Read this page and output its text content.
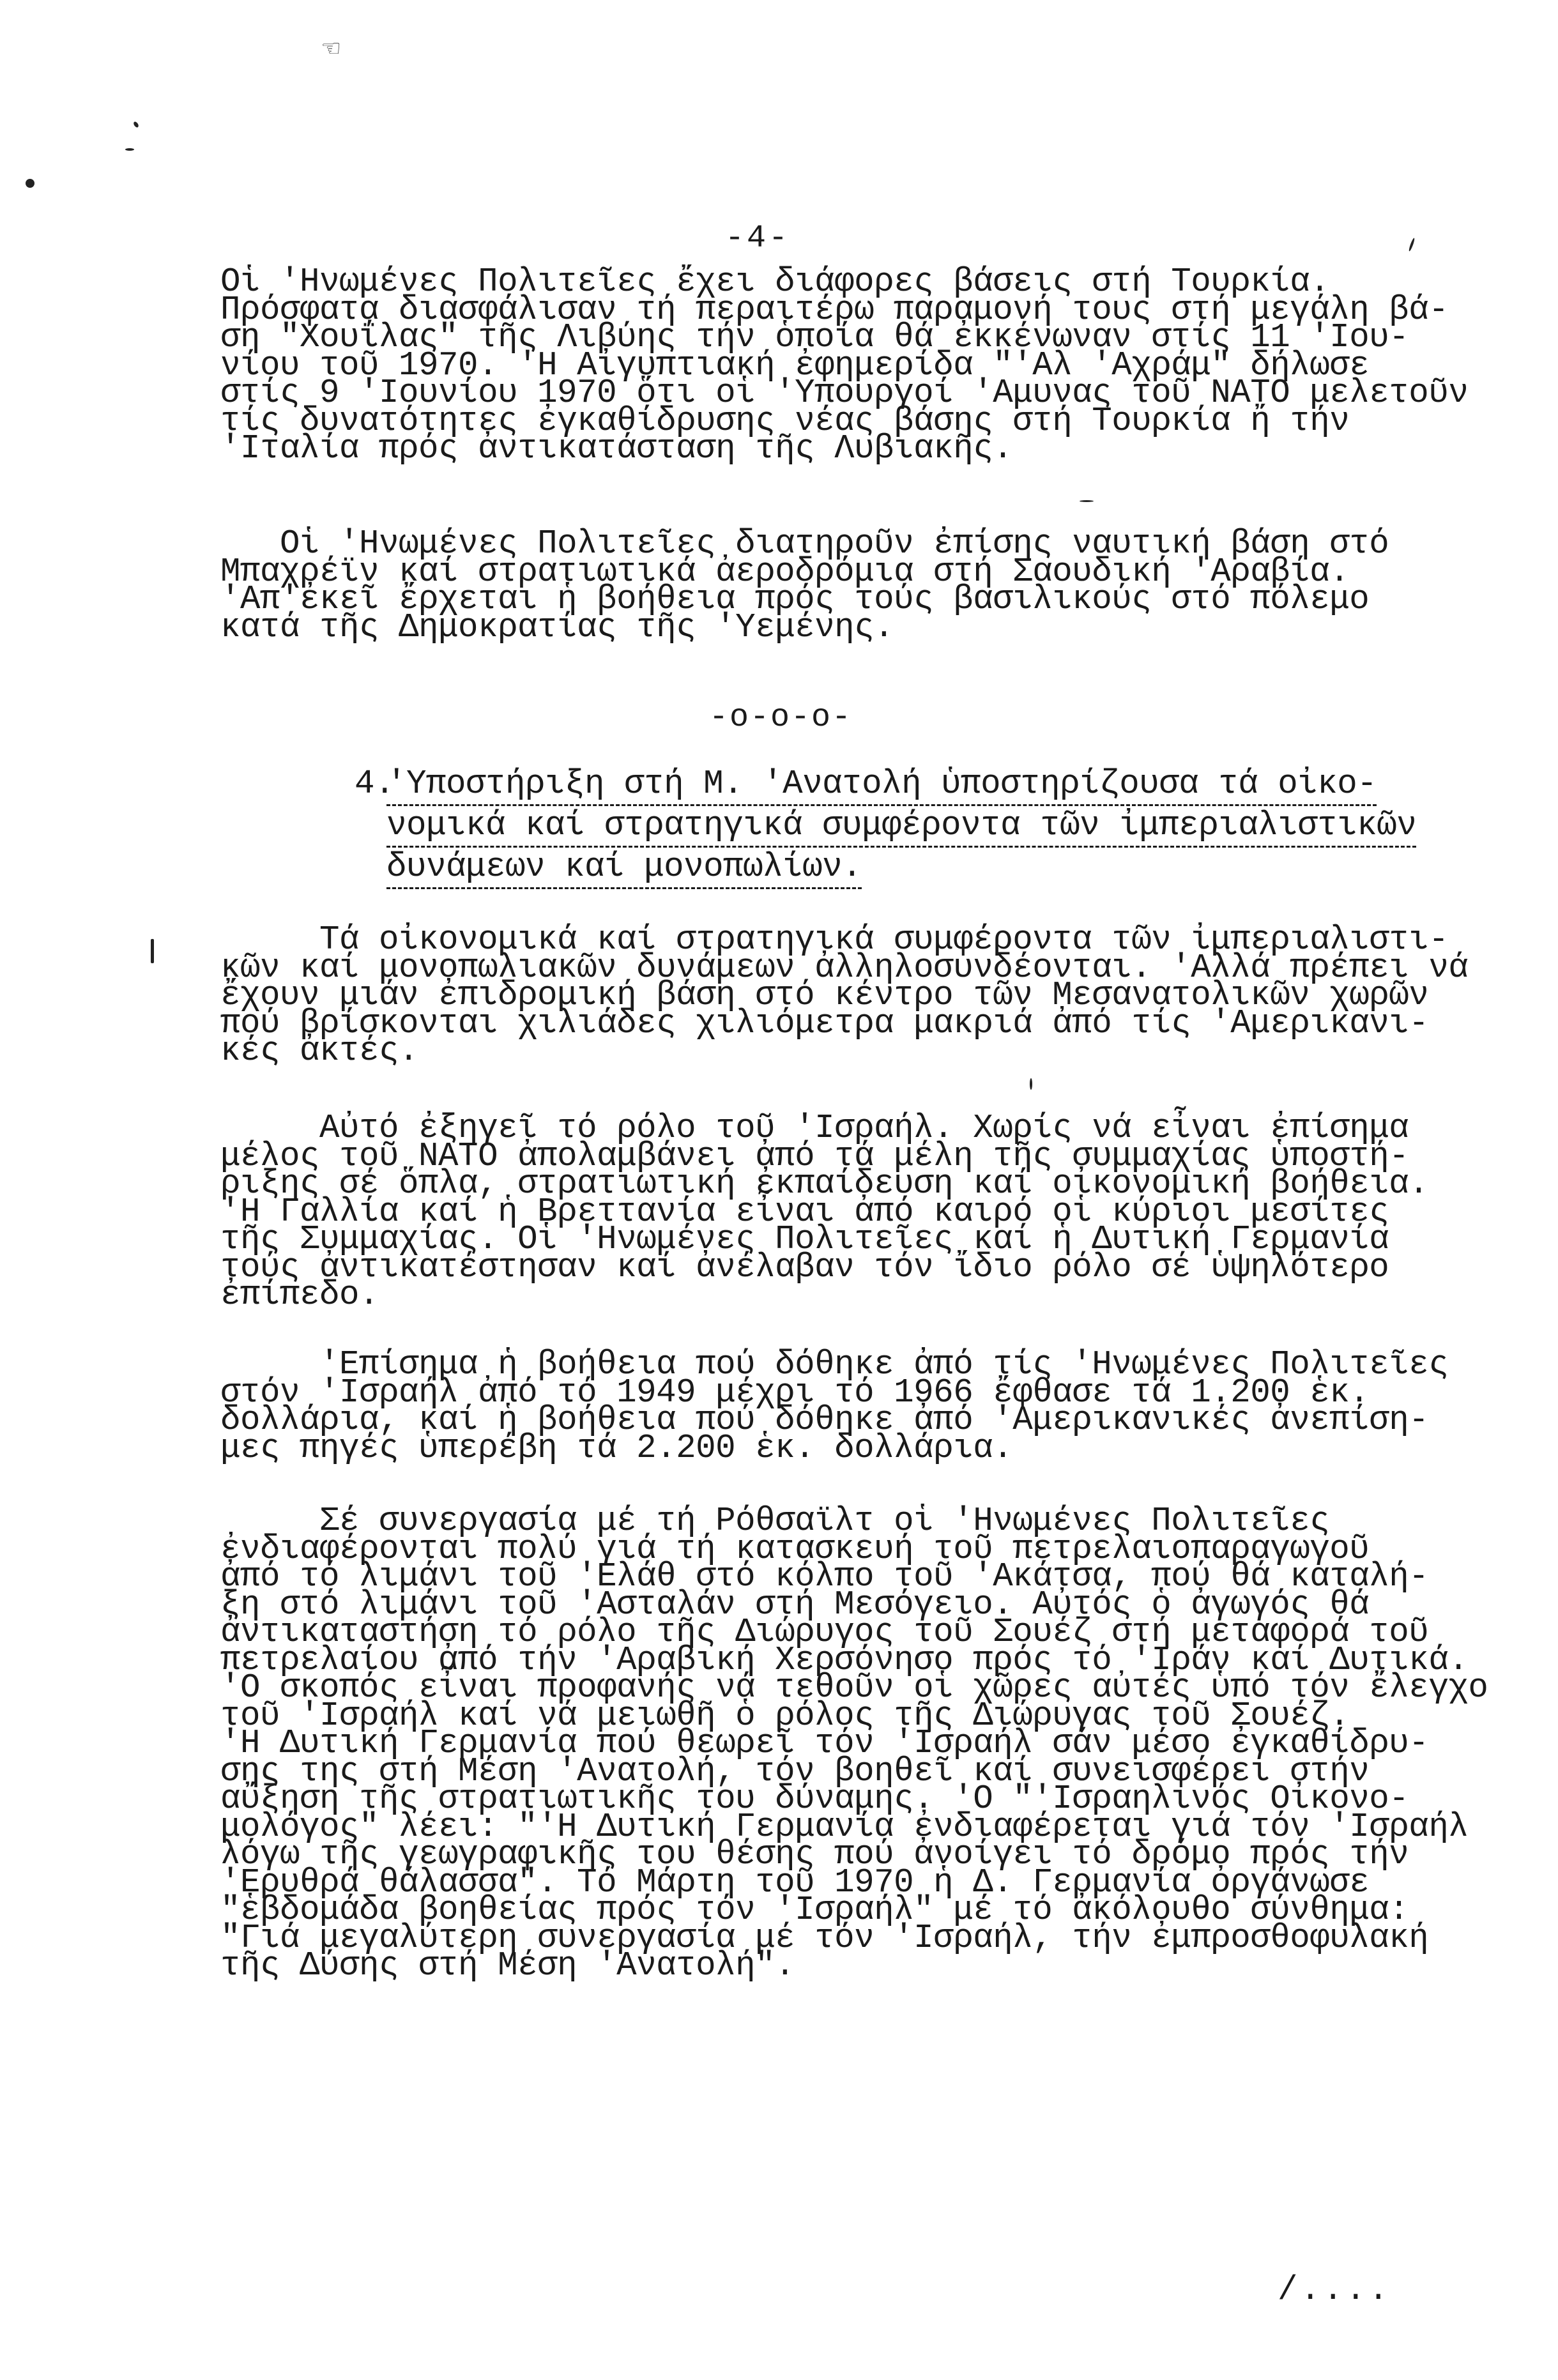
☜
-4-
Οἱ 'Ηνωμένες Πολιτεῖες ἔχει διάφορες βάσεις στή Τουρκία.
Πρόσφατα διασφάλισαν τή περαιτέρω παραμονή τους στή μεγάλη βά-
ση "Χουΐλας" τῆς Λιβύης τήν ὁποία θά ἐκκένωναν στίς 11 'Ιου-
νίου τοῦ 1970. 'Η Αἰγυπτιακή ἐφημερίδα "'Αλ 'Αχράμ" δήλωσε
στίς 9 'Ιουνίου 1970 ὅτι οἱ 'Υπουργοί 'Αμυνας τοῦ ΝΑΤΟ μελετοῦν
τίς δυνατότητες ἐγκαθίδρυσης νέας βάσης στή Τουρκία ἤ τήν
'Ιταλία πρός ἀντικατάσταση τῆς Λυβιακῆς.
Οἱ 'Ηνωμένες Πολιτεῖες διατηροῦν ἐπίσης ναυτική βάση στό
Μπαχρέϊν καί στρατιωτικά ἀεροδρόμια στή Σαουδική 'Αραβία.
'Απ'ἐκεῖ ἔρχεται ἡ βοήθεια πρός τούς βασιλικούς στό πόλεμο
κατά τῆς Δημοκρατίας τῆς 'Υεμένης.
-o-o-o-
4.
'Υποστήριξη στή Μ. 'Ανατολή ὑποστηρίζουσα τά οἰκο-
νομικά καί στρατηγικά συμφέροντα τῶν ἰμπεριαλιστικῶν
δυνάμεων καί μονοπωλίων.
Τά οἰκονομικά καί στρατηγικά συμφέροντα τῶν ἰμπεριαλιστι-
κῶν καί μονοπωλιακῶν δυνάμεων ἀλληλοσυνδέονται. 'Αλλά πρέπει νά
ἔχουν μιάν ἐπιδρομική βάση στό κέντρο τῶν Μεσανατολικῶν χωρῶν
πού βρίσκονται χιλιάδες χιλιόμετρα μακριά ἀπό τίς 'Αμερικανι-
κές ἀκτές.
Αὐτό ἐξηγεῖ τό ρόλο τοῦ 'Ισραήλ. Χωρίς νά εἶναι ἐπίσημα
μέλος τοῦ ΝΑΤΟ ἀπολαμβάνει ἀπό τά μέλη τῆς συμμαχίας ὑποστή-
ριξης σέ ὅπλα, στρατιωτική ἐκπαίδευση καί οἰκονομική βοήθεια.
'Η Γαλλία καί ἡ Βρεττανία εἶναι ἀπό καιρό οἱ κύριοι μεσίτες
τῆς Συμμαχίας. Οἱ 'Ηνωμένες Πολιτεῖες καί ἡ Δυτική Γερμανία
τούς ἀντικατέστησαν καί ἀνέλαβαν τόν ἴδιο ρόλο σέ ὑψηλότερο
ἐπίπεδο.
'Επίσημα ἡ βοήθεια πού δόθηκε ἀπό τίς 'Ηνωμένες Πολιτεῖες
στόν 'Ισραήλ ἀπό τό 1949 μέχρι τό 1966 ἔφθασε τά 1.200 ἑκ.
δολλάρια, καί ἡ βοήθεια πού δόθηκε ἀπό 'Αμερικανικές ἀνεπίση-
μες πηγές ὑπερέβη τά 2.200 ἑκ. δολλάρια.
Σέ συνεργασία μέ τή Ρόθσαϊλτ οἱ 'Ηνωμένες Πολιτεῖες
ἐνδιαφέρονται πολύ γιά τή κατασκευή τοῦ πετρελαιοπαραγωγοῦ
ἀπό τό λιμάνι τοῦ 'Ελάθ στό κόλπο τοῦ 'Ακάτσα, πού θά καταλή-
ξη στό λιμάνι τοῦ 'Ασταλάν στή Μεσόγειο. Αὐτός ὁ ἀγωγός θά
ἀντικαταστήση τό ρόλο τῆς Διώρυγος τοῦ Σουέζ στή μεταφορά τοῦ
πετρελαίου ἀπό τήν 'Αραβική Χερσόνησο πρός τό 'Ιράν καί Δυτικά.
'Ο σκοπός εἶναι προφανής νά τεθοῦν οἱ χῶρες αὐτές ὑπό τόν ἔλεγχο
τοῦ 'Ισραήλ καί νά μειωθῆ ὁ ρόλος τῆς Διώρυγας τοῦ Σουέζ.
'Η Δυτική Γερμανία πού θεωρεῖ τόν 'Ισραήλ σάν μέσο ἐγκαθίδρυ-
σης της στή Μέση 'Ανατολή, τόν βοηθεῖ καί συνεισφέρει στήν
αὔξηση τῆς στρατιωτικῆς του δύναμης. 'Ο "'Ισραηλινός Οἰκονο-
μολόγος" λέει: "'Η Δυτική Γερμανία ἐνδιαφέρεται γιά τόν 'Ισραήλ
λόγω τῆς γεωγραφικῆς του θέσης πού ἀνοίγει τό δρόμο πρός τήν
'Ερυθρά θάλασσα". Τό Μάρτη τοῦ 1970 ἡ Δ. Γερμανία ὀργάνωσε
"ἑβδομάδα βοηθείας πρός τόν 'Ισραήλ" μέ τό ἀκόλουθο σύνθημα:
"Γιά μεγαλύτερη συνεργασία μέ τόν 'Ισραήλ, τήν ἐμπροσθοφυλακή
τῆς Δύσης στή Μέση 'Ανατολή".
/....
